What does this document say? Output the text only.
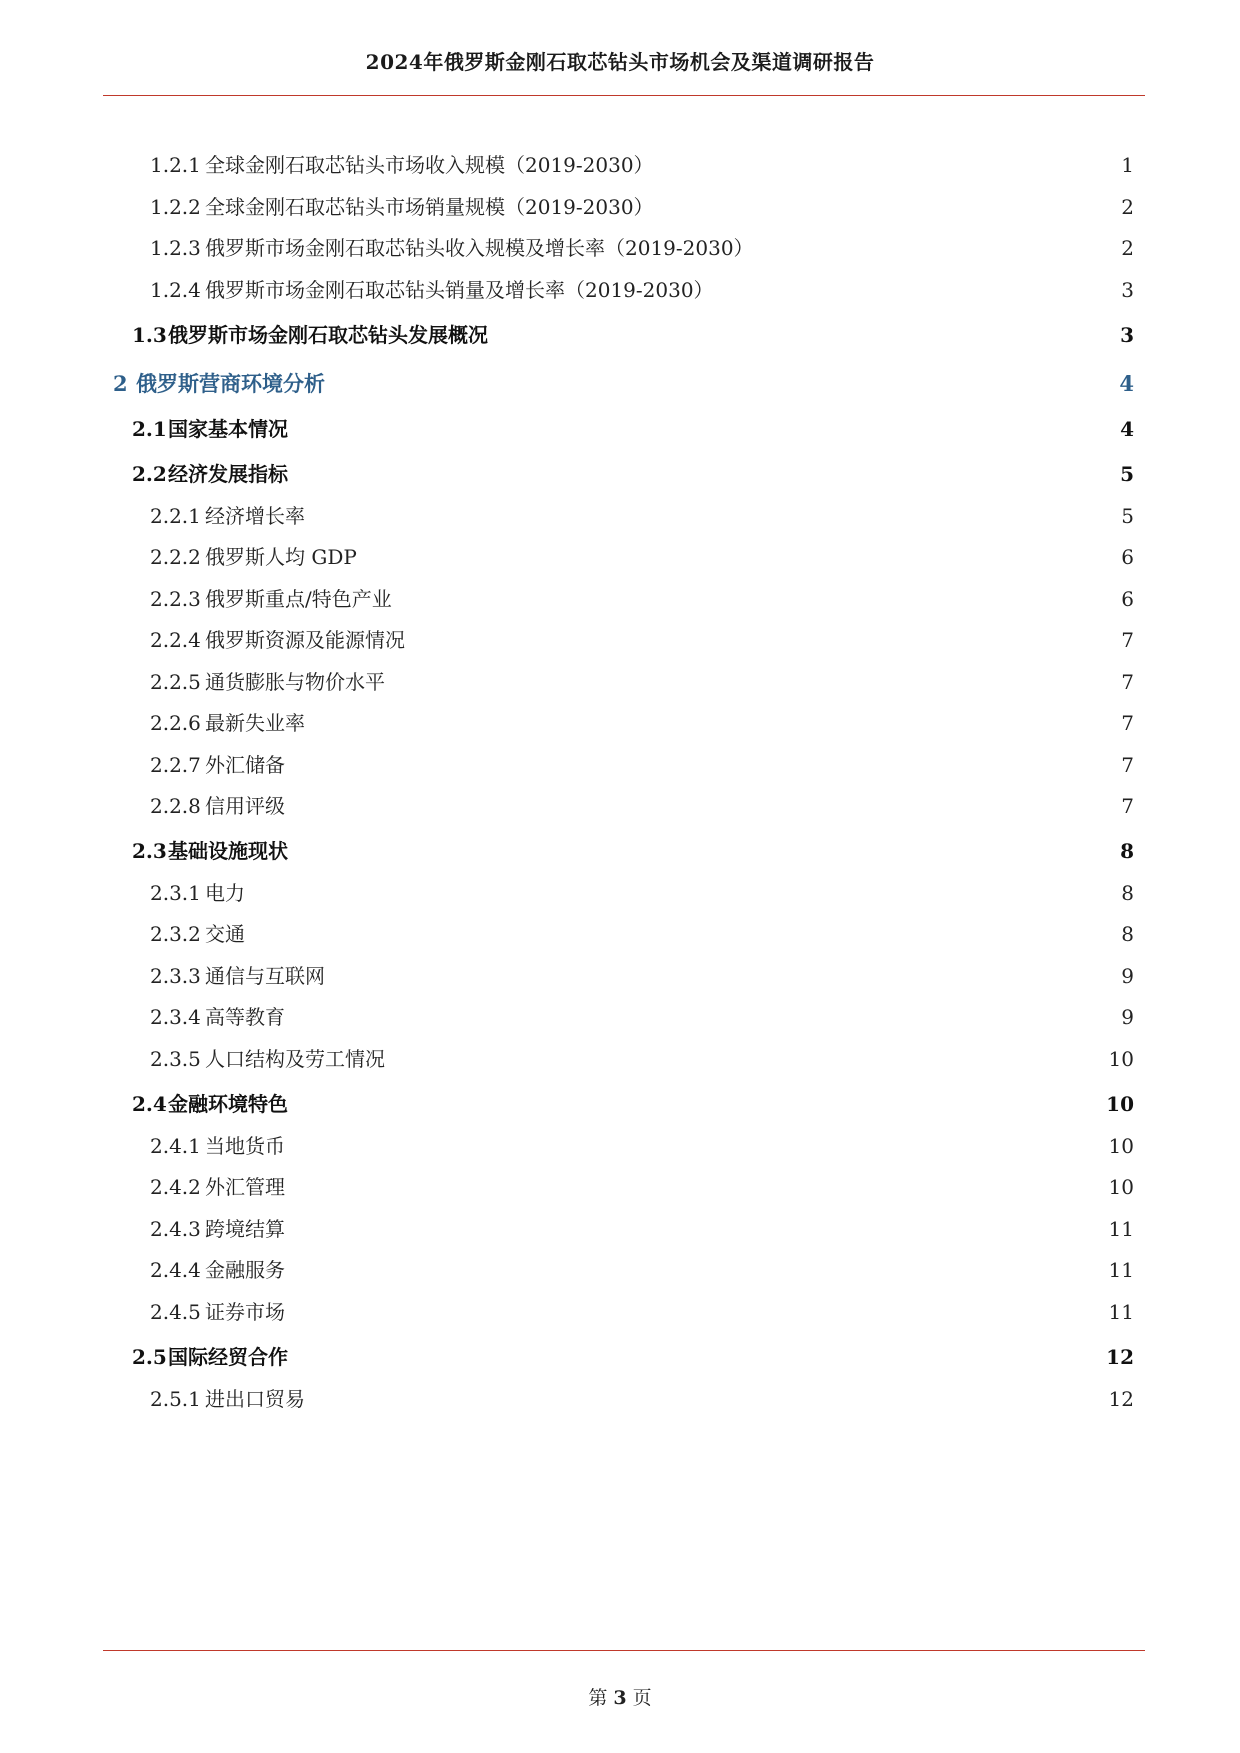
2024年俄罗斯金刚石取芯钻头市场机会及渠道调研报告
1.2.1 全球金刚石取芯钻头市场收入规模（2019-2030）	1
1.2.2 全球金刚石取芯钻头市场销量规模（2019-2030）	2
1.2.3 俄罗斯市场金刚石取芯钻头收入规模及增长率（2019-2030）	2
1.2.4 俄罗斯市场金刚石取芯钻头销量及增长率（2019-2030）	3
1.3 俄罗斯市场金刚石取芯钻头发展概况	3
2 俄罗斯营商环境分析	4
2.1 国家基本情况	4
2.2 经济发展指标	5
2.2.1 经济增长率	5
2.2.2 俄罗斯人均 GDP	6
2.2.3 俄罗斯重点/特色产业	6
2.2.4 俄罗斯资源及能源情况	7
2.2.5 通货膨胀与物价水平	7
2.2.6 最新失业率	7
2.2.7 外汇储备	7
2.2.8 信用评级	7
2.3 基础设施现状	8
2.3.1 电力	8
2.3.2 交通	8
2.3.3 通信与互联网	9
2.3.4 高等教育	9
2.3.5 人口结构及劳工情况	10
2.4 金融环境特色	10
2.4.1 当地货币	10
2.4.2 外汇管理	10
2.4.3 跨境结算	11
2.4.4 金融服务	11
2.4.5 证券市场	11
2.5 国际经贸合作	12
2.5.1 进出口贸易	12
第 3 页
